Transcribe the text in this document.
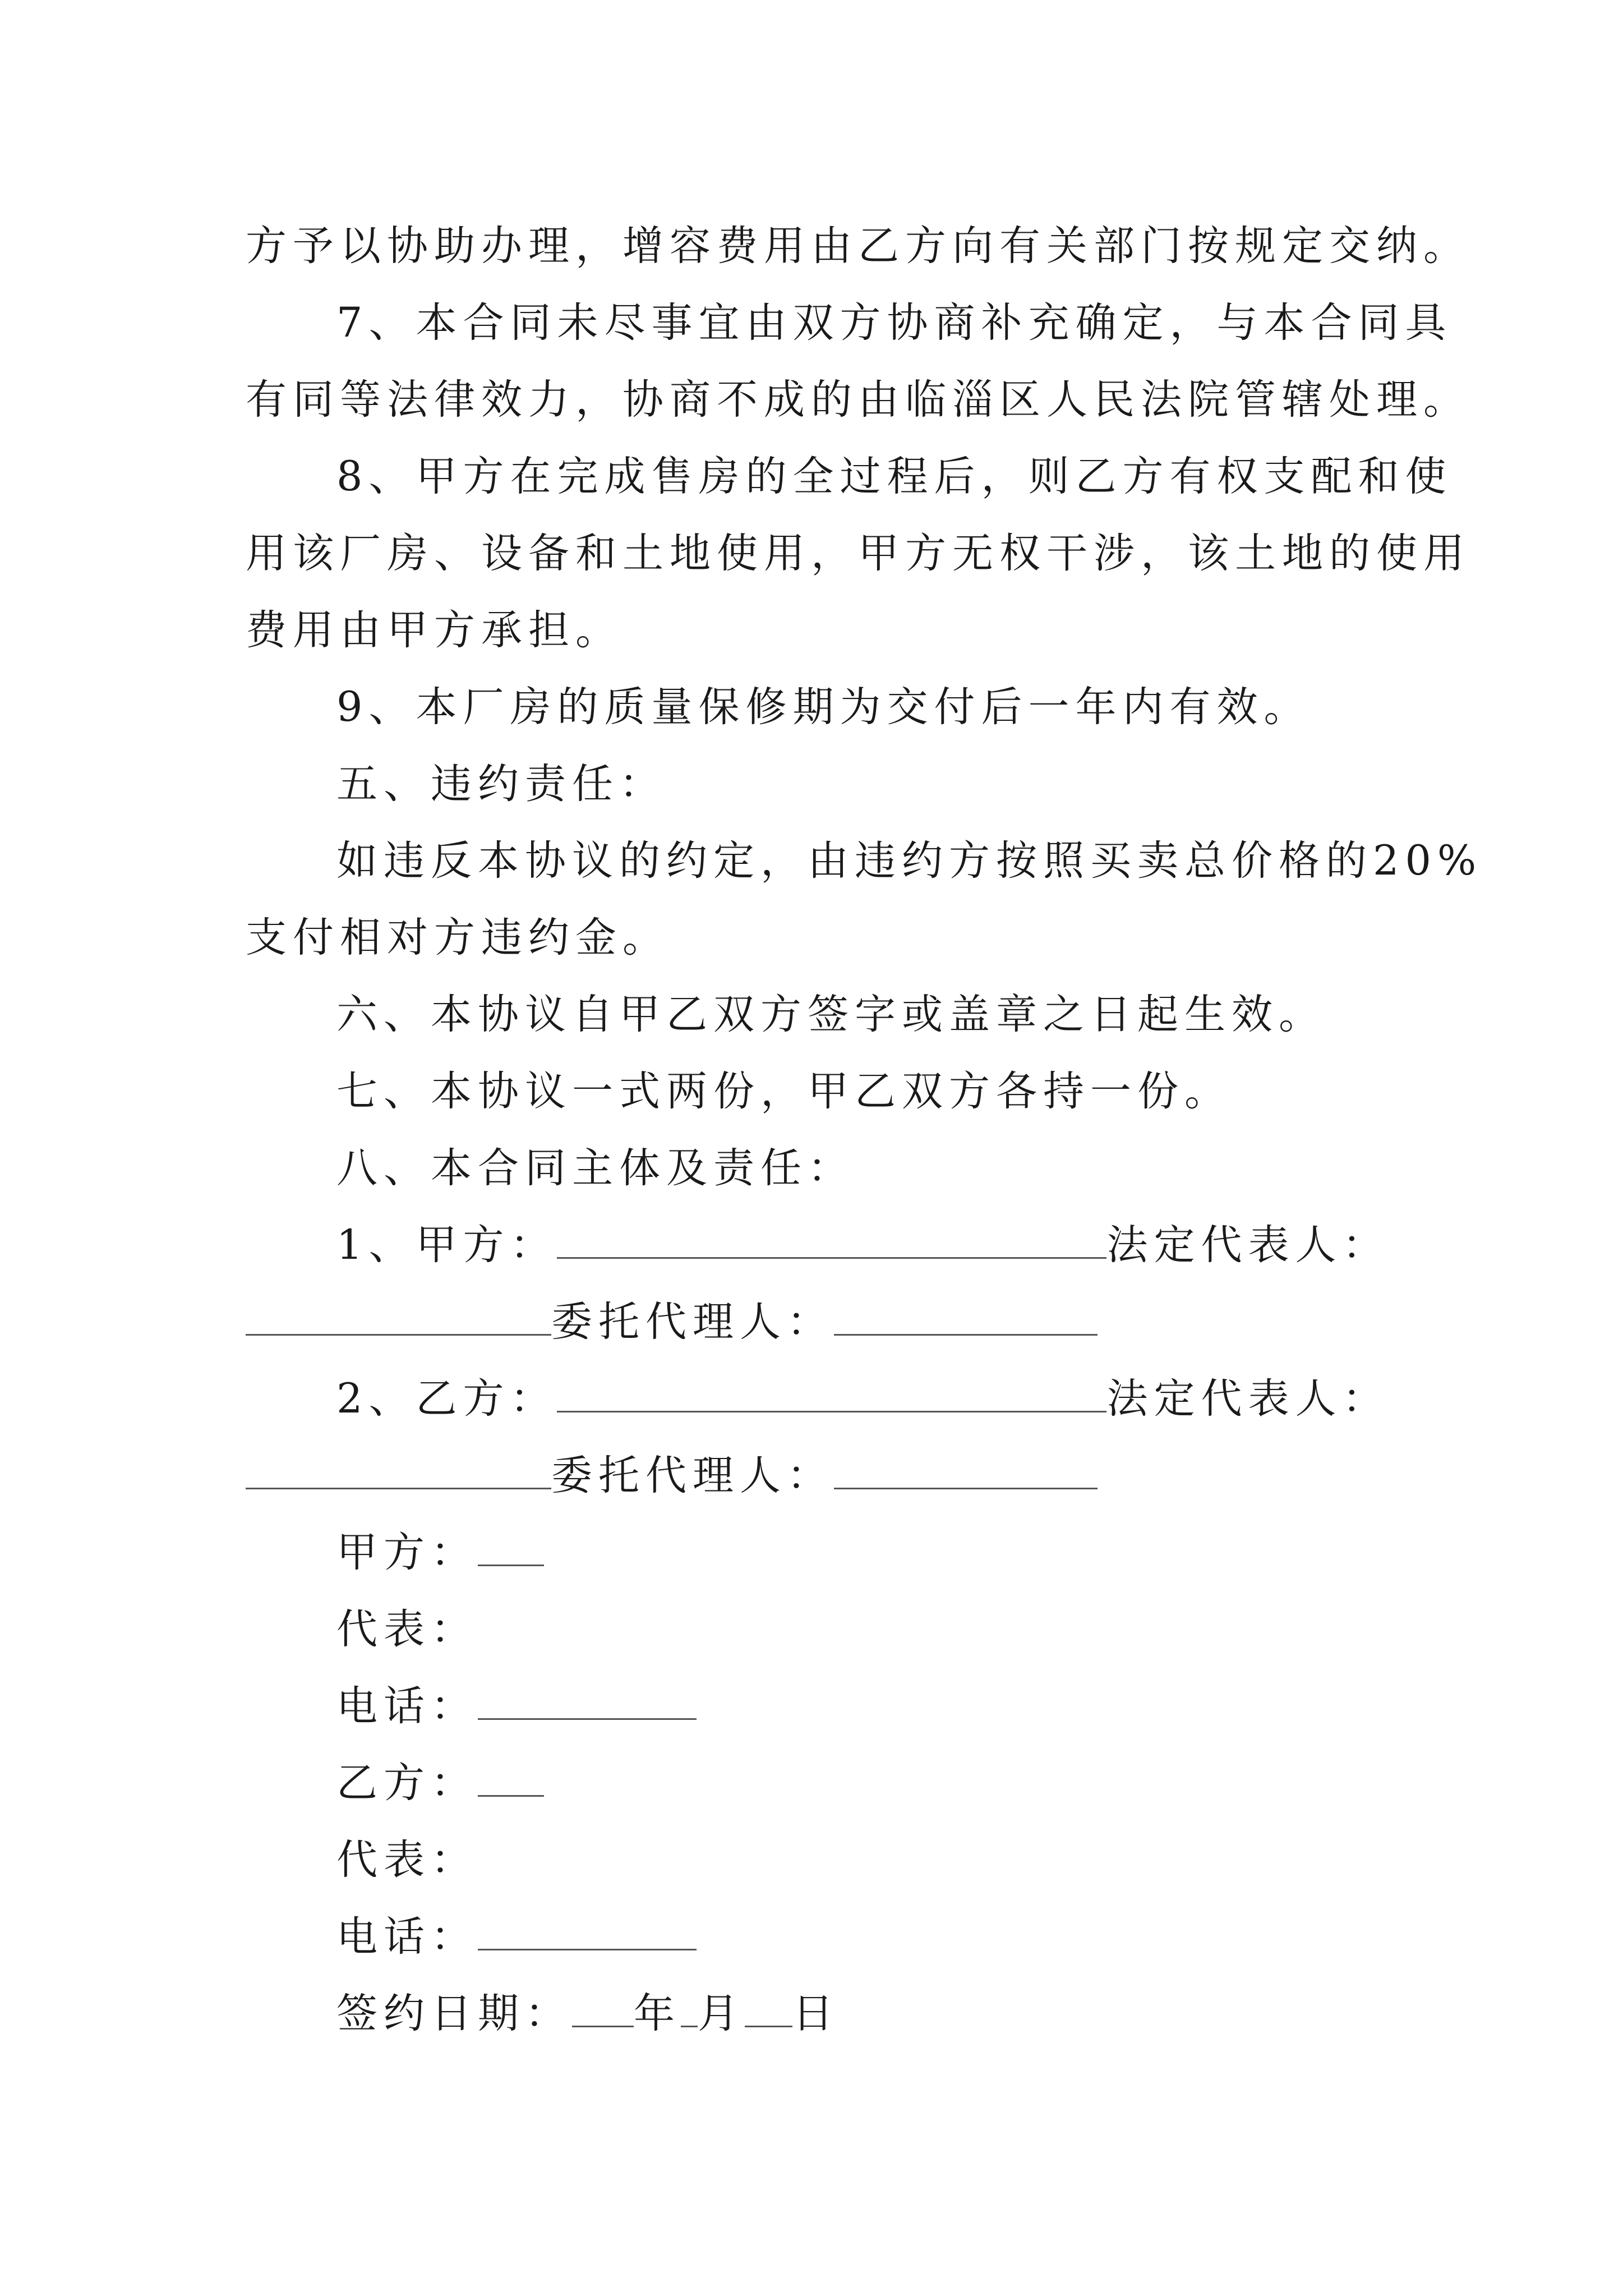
方予以协助办理，增容费用由乙方向有关部门按规定交纳。
7、本合同未尽事宜由双方协商补充确定，与本合同具
有同等法律效力，协商不成的由临淄区人民法院管辖处理。
8、甲方在完成售房的全过程后，则乙方有权支配和使
用该厂房、设备和土地使用，甲方无权干涉，该土地的使用
费用由甲方承担。
9、本厂房的质量保修期为交付后一年内有效。
五、违约责任：
如违反本协议的约定，由违约方按照买卖总价格的20%
支付相对方违约金。
六、本协议自甲乙双方签字或盖章之日起生效。
七、本协议一式两份，甲乙双方各持一份。
八、本合同主体及责任：
1、甲方：	法定代表人：
委托代理人：
2、乙方：	法定代表人：
委托代理人：
甲方：
代表：
电话：
乙方：
代表：
电话：
签约日期： 年 月 日
